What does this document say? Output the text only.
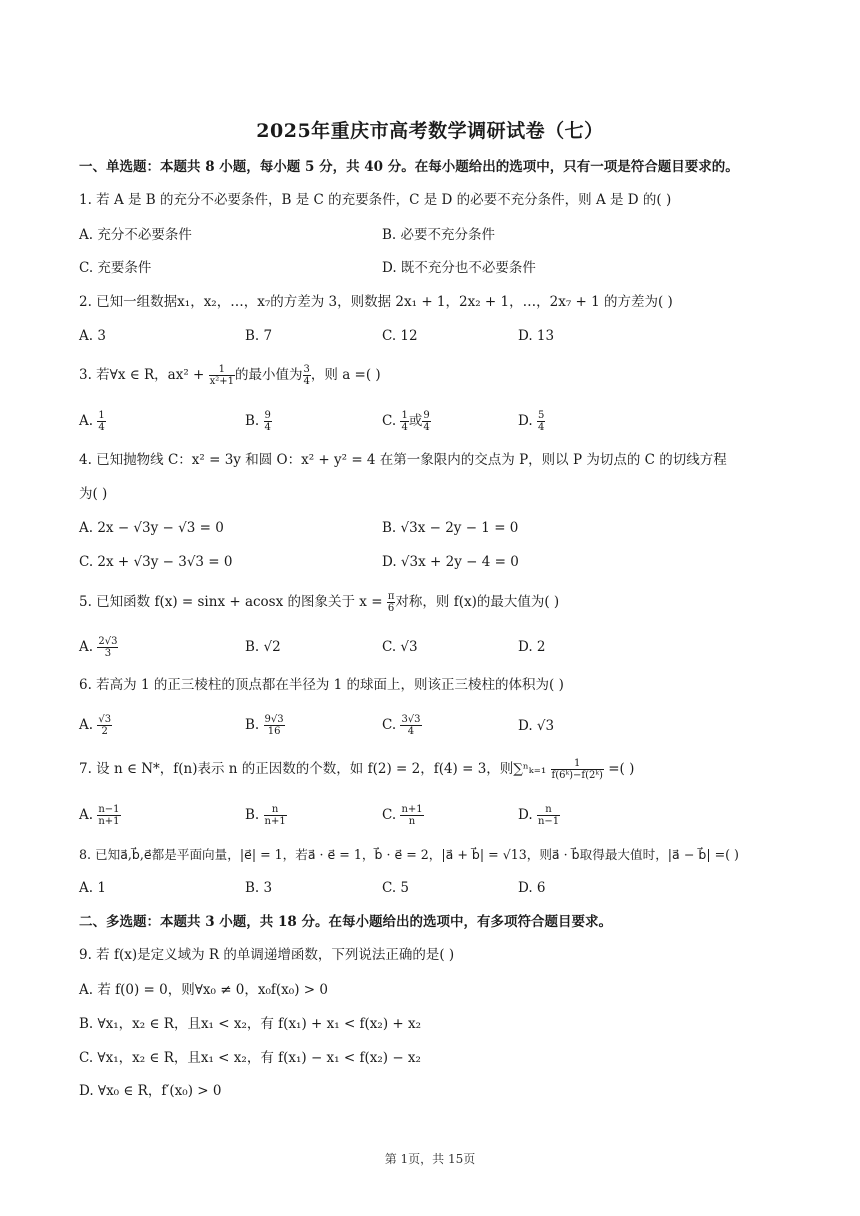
2025年重庆市高考数学调研试卷（七）
一、单选题：本题共 8 小题，每小题 5 分，共 40 分。在每小题给出的选项中，只有一项是符合题目要求的。
1. 若 A 是 B 的充分不必要条件，B 是 C 的充要条件，C 是 D 的必要不充分条件，则 A 是 D 的( )
A. 充分不必要条件	B. 必要不充分条件
C. 充要条件	D. 既不充分也不必要条件
2. 已知一组数据x₁，x₂，…，x₇的方差为 3，则数据 2x₁ + 1，2x₂ + 1，…，2x₇ + 1 的方差为( )
A. 3	B. 7	C. 12	D. 13
3. 若∀x ∈ R，$ax^2 + \frac{1}{\text{x²+1}}$ 的最小值为 $\frac{3}{4}$ ，则 a =( )
A. $\frac{1}{4}$	B. $\frac{9}{4}$	C. $\frac{1}{4}$ 或 $\frac{9}{4}$	D. $\frac{5}{4}$
4. 已知抛物线 C：x² = 3y 和圆 O：x² + y² = 4 在第一象限内的交点为 P，则以 P 为切点的 C 的切线方程
为( )
A. 2x − √3y − √3 = 0	B. √3x − 2y − 1 = 0
C. 2x + √3y − 3√3 = 0	D. √3x + 2y − 4 = 0
5. 已知函数 f(x) = sinx + acosx 的图象关于 $x = \frac{\pi}{6}$ 对称，则 f(x)的最大值为( )
A. $\frac{2√3}{3}$	B. √2	C. √3	D. 2
6. 若高为 1 的正三棱柱的顶点都在半径为 1 的球面上，则该正三棱柱的体积为( )
A. $\frac{√3}{2}$	B. $\frac{9√3}{16}$	C. $\frac{3√3}{4}$	D. √3
7. 设 n ∈ N*，f(n)表示 n 的正因数的个数，如 f(2) = 2，f(4) = 3，则$\sum^n_{k=1} \frac{1}{\text{f(6ᵏ)−f(2ᵏ)}}$ =( )
A. $\frac{n-1}{n+1}$	B. $\frac{n}{n+1}$	C. $\frac{n+1}{n}$	D. $\frac{n}{n-1}$
8. 已知a⃗,b⃗,e⃗都是平面向量，|e⃗| = 1，若a⃗ · e⃗ = 1，b⃗ · e⃗ = 2，|a⃗ + b⃗| = √13，则a⃗ · b⃗取得最大值时，|a⃗ − b⃗| =( )
A. 1	B. 3	C. 5	D. 6
二、多选题：本题共 3 小题，共 18 分。在每小题给出的选项中，有多项符合题目要求。
9. 若 f(x)是定义域为 R 的单调递增函数，下列说法正确的是( )
A. 若 f(0) = 0，则∀x₀ ≠ 0，x₀f(x₀) > 0
B. ∀x₁，x₂ ∈ R，且x₁ < x₂，有 f(x₁) + x₁ < f(x₂) + x₂
C. ∀x₁，x₂ ∈ R，且x₁ < x₂，有 f(x₁) − x₁ < f(x₂) − x₂
D. ∀x₀ ∈ R，f′(x₀) > 0
第 1页，共 15页
